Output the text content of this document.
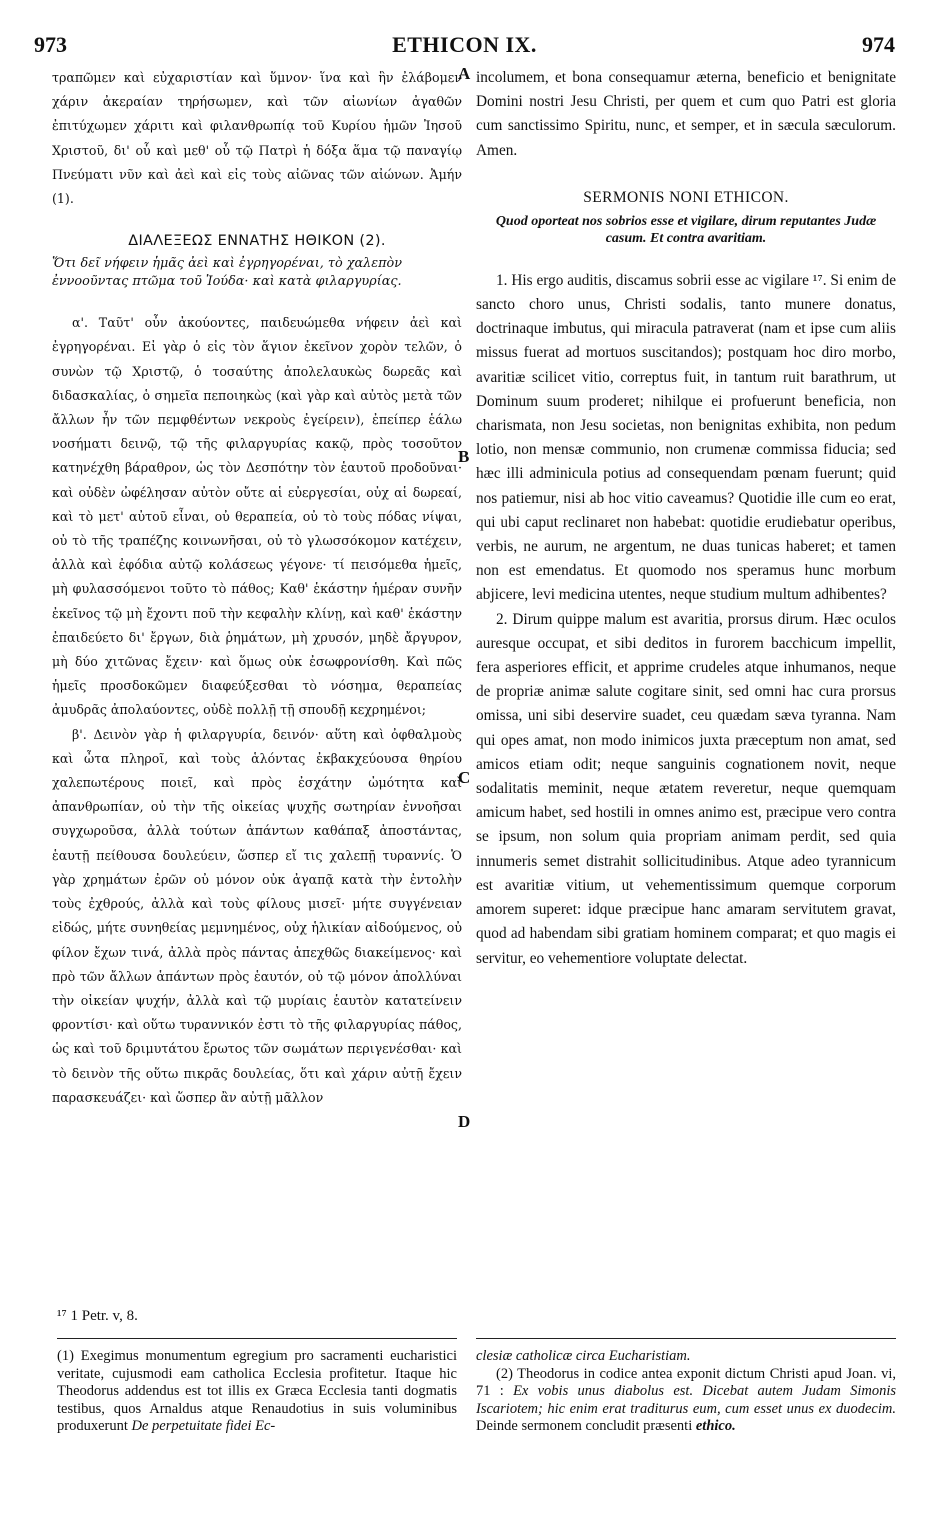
973	ETHICON IX.	974

τραπῶμεν καὶ εὐχαριστίαν καὶ ὕμνον· ἵνα καὶ ἣν ἐλάβομεν χάριν ἀκεραίαν τηρήσωμεν, καὶ τῶν αἰωνίων ἀγαθῶν ἐπιτύχωμεν χάριτι καὶ φιλανθρωπίᾳ τοῦ Κυρίου ἡμῶν Ἰησοῦ Χριστοῦ, δι' οὗ καὶ μεθ' οὗ τῷ Πατρὶ ἡ δόξα ἅμα τῷ παναγίῳ Πνεύματι νῦν καὶ ἀεὶ καὶ εἰς τοὺς αἰῶνας τῶν αἰώνων. Ἀμήν (1).

ΔΙΑΛΕΞΕΩΣ ΕΝΝΑΤΗΣ ΗΘΙΚΟΝ (2).

Ὅτι δεῖ νήφειν ἡμᾶς ἀεὶ καὶ ἐγρηγορέναι, τὸ χαλεπὸν ἐννοοῦντας πτῶμα τοῦ Ἰούδα· καὶ κατὰ φιλαργυρίας.

α'. Ταῦτ' οὖν ἀκούοντες, παιδευώμεθα νήφειν ἀεὶ καὶ ἐγρηγορέναι. Εἰ γὰρ ὁ εἰς τὸν ἅγιον ἐκεῖνον χορὸν τελῶν, ὁ συνὼν τῷ Χριστῷ, ὁ τοσαύτης ἀπολελαυκὼς δωρεᾶς καὶ διδασκαλίας, ὁ σημεῖα πεποιηκὼς (καὶ γὰρ καὶ αὐτὸς μετὰ τῶν ἄλλων ἦν τῶν πεμφθέντων νεκροὺς ἐγείρειν), ἐπείπερ ἑάλω νοσήματι δεινῷ, τῷ τῆς φιλαργυρίας κακῷ, πρὸς τοσοῦτον κατηνέχθη βάραθρον, ὡς τὸν Δεσπότην τὸν ἑαυτοῦ προδοῦναι· καὶ οὐδὲν ὠφέλησαν αὐτὸν οὔτε αἱ εὐεργεσίαι, οὐχ αἱ δωρεαί, καὶ τὸ μετ' αὐτοῦ εἶναι, οὐ θεραπεία, οὐ τὸ τοὺς πόδας νίψαι, οὐ τὸ τῆς τραπέζης κοινωνῆσαι, οὐ τὸ γλωσσόκομον κατέχειν, ἀλλὰ καὶ ἐφόδια αὐτῷ κολάσεως γέγονε· τί πεισόμεθα ἡμεῖς, μὴ φυλασσόμενοι τοῦτο τὸ πάθος; Καθ' ἑκάστην ἡμέραν συνῆν ἐκεῖνος τῷ μὴ ἔχοντι ποῦ τὴν κεφαλὴν κλίνῃ, καὶ καθ' ἑκάστην ἐπαιδεύετο δι' ἔργων, διὰ ῥημάτων, μὴ χρυσόν, μηδὲ ἄργυρον, μὴ δύο χιτῶνας ἔχειν· καὶ ὅμως οὐκ ἐσωφρονίσθη. Καὶ πῶς ἡμεῖς προσδοκῶμεν διαφεύξεσθαι τὸ νόσημα, θεραπείας ἀμυδρᾶς ἀπολαύοντες, οὐδὲ πολλῇ τῇ σπουδῇ κεχρημένοι;

β'. Δεινὸν γὰρ ἡ φιλαργυρία, δεινόν· αὕτη καὶ ὀφθαλμοὺς καὶ ὦτα πληροῖ, καὶ τοὺς ἁλόντας ἐκβακχεύουσα θηρίου χαλεπωτέρους ποιεῖ, καὶ πρὸς ἐσχάτην ὠμότητα καὶ ἀπανθρωπίαν, οὐ τὴν τῆς οἰκείας ψυχῆς σωτηρίαν ἐννοῆσαι συγχωροῦσα, ἀλλὰ τούτων ἁπάντων καθάπαξ ἀποστάντας, ἑαυτῇ πείθουσα δουλεύειν, ὥσπερ εἴ τις χαλεπῇ τυραννίς. Ὁ γὰρ χρημάτων ἐρῶν οὐ μόνον οὐκ ἀγαπᾷ κατὰ τὴν ἐντολὴν τοὺς ἐχθρούς, ἀλλὰ καὶ τοὺς φίλους μισεῖ· μήτε συγγένειαν εἰδώς, μήτε συνηθείας μεμνημένος, οὐχ ἡλικίαν αἰδούμενος, οὐ φίλον ἔχων τινά, ἀλλὰ πρὸς πάντας ἀπεχθῶς διακείμενος· καὶ πρὸ τῶν ἄλλων ἁπάντων πρὸς ἑαυτόν, οὐ τῷ μόνον ἀπολλύναι τὴν οἰκείαν ψυχήν, ἀλλὰ καὶ τῷ μυρίαις ἑαυτὸν κατατείνειν φροντίσι· καὶ οὕτω τυραννικόν ἐστι τὸ τῆς φιλαργυρίας πάθος, ὡς καὶ τοῦ δριμυτάτου ἔρωτος τῶν σωμάτων περιγενέσθαι· καὶ τὸ δεινὸν τῆς οὕτω πικρᾶς δουλείας, ὅτι καὶ χάριν αὐτῇ ἔχειν παρασκευάζει· καὶ ὥσπερ ἂν αὐτῇ μᾶλλον

incolumem, et bona consequamur æterna, beneficio et benignitate Domini nostri Jesu Christi, per quem et cum quo Patri est gloria cum sanctissimo Spiritu, nunc, et semper, et in sæcula sæculorum. Amen.

SERMONIS NONI ETHICON.

Quod oporteat nos sobrios esse et vigilare, dirum reputantes Judæ casum. Et contra avaritiam.

1. His ergo auditis, discamus sobrii esse ac vigilare ¹⁷. Si enim de sancto choro unus, Christi sodalis, tanto munere donatus, doctrinaque imbutus, qui miracula patraverat (nam et ipse cum aliis missus fuerat ad mortuos suscitandos); postquam hoc diro morbo, avaritiæ scilicet vitio, correptus fuit, in tantum ruit barathrum, ut Dominum suum proderet; nihilque ei profuerunt beneficia, non charismata, non Jesu societas, non benignitas exhibita, non pedum lotio, non mensæ communio, non crumenæ commissa fiducia; sed hæc illi adminicula potius ad consequendam pœnam fuerunt; quid nos patiemur, nisi ab hoc vitio caveamus? Quotidie ille cum eo erat, qui ubi caput reclinaret non habebat: quotidie erudiebatur operibus, verbis, ne aurum, ne argentum, ne duas tunicas haberet; et tamen non est emendatus. Et quomodo nos speramus hunc morbum abjicere, levi medicina utentes, neque studium multum adhibentes?

2. Dirum quippe malum est avaritia, prorsus dirum. Hæc oculos auresque occupat, et sibi deditos in furorem bacchicum impellit, fera asperiores efficit, et apprime crudeles atque inhumanos, neque de propriæ animæ salute cogitare sinit, sed omni hac cura prorsus omissa, uni sibi deservire suadet, ceu quædam sæva tyranna. Nam qui opes amat, non modo inimicos juxta præceptum non amat, sed amicos etiam odit; neque sanguinis cognationem novit, neque sodalitatis meminit, neque ætatem reveretur, neque quemquam amicum habet, sed hostili in omnes animo est, præcipue vero contra se ipsum, non solum quia propriam animam perdit, sed quia innumeris semet distrahit sollicitudinibus. Atque adeo tyrannicum est avaritiæ vitium, ut vehementissimum quemque corporum amorem superet: idque præcipue hanc amaram servitutem gravat, quod ad habendam sibi gratiam hominem comparat; et quo magis ei servitur, eo vehementiore voluptate delectat.

A
B
C
D
¹⁷ 1 Petr. v, 8.

(1) Exegimus monumentum egregium pro sacramenti eucharistici veritate, cujusmodi eam catholica Ecclesia profitetur. Itaque hic Theodorus addendus est tot illis ex Græca Ecclesia tanti dogmatis testibus, quos Arnaldus atque Renaudotius in suis voluminibus produxerunt De perpetuitate fidei Ec-

clesiæ catholicæ circa Eucharistiam.

(2) Theodorus in codice antea exponit dictum Christi apud Joan. vi, 71 : Ex vobis unus diabolus est. Dicebat autem Judam Simonis Iscariotem; hic enim erat traditurus eum, cum esset unus ex duodecim. Deinde sermonem concludit præsenti ethico.
